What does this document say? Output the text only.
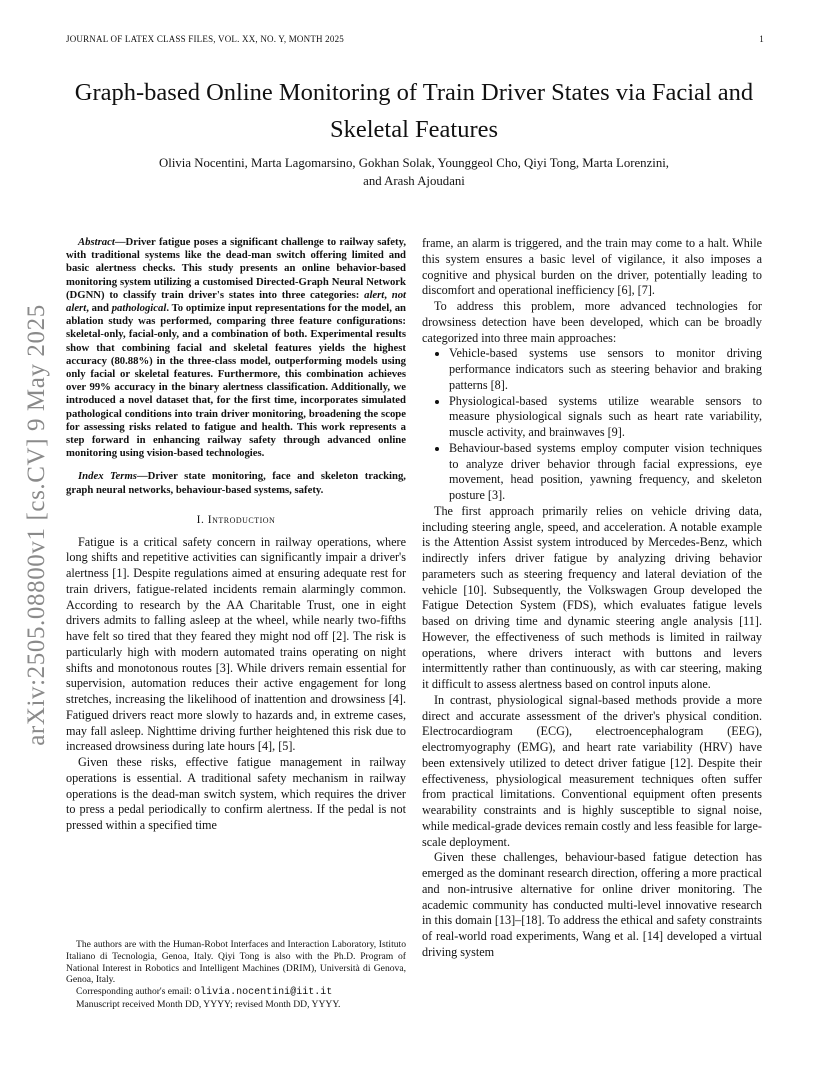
JOURNAL OF LATEX CLASS FILES, VOL. XX, NO. Y, MONTH 2025	1
arXiv:2505.08800v1 [cs.CV] 9 May 2025
Graph-based Online Monitoring of Train Driver States via Facial and Skeletal Features
Olivia Nocentini, Marta Lagomarsino, Gokhan Solak, Younggeol Cho, Qiyi Tong, Marta Lorenzini,
and Arash Ajoudani

Abstract—Driver fatigue poses a significant challenge to railway safety, with traditional systems like the dead-man switch offering limited and basic alertness checks. This study presents an online behavior-based monitoring system utilizing a customised Directed-Graph Neural Network (DGNN) to classify train driver's states into three categories: alert, not alert, and pathological. To optimize input representations for the model, an ablation study was performed, comparing three feature configurations: skeletal-only, facial-only, and a combination of both. Experimental results show that combining facial and skeletal features yields the highest accuracy (80.88%) in the three-class model, outperforming models using only facial or skeletal features. Furthermore, this combination achieves over 99% accuracy in the binary alertness classification. Additionally, we introduced a novel dataset that, for the first time, incorporates simulated pathological conditions into train driver monitoring, broadening the scope for assessing risks related to fatigue and health. This work represents a step forward in enhancing railway safety through advanced online monitoring using vision-based technologies.

Index Terms—Driver state monitoring, face and skeleton tracking, graph neural networks, behaviour-based systems, safety.

I. Introduction

Fatigue is a critical safety concern in railway operations, where long shifts and repetitive activities can significantly impair a driver's alertness [1]. Despite regulations aimed at ensuring adequate rest for train drivers, fatigue-related incidents remain alarmingly common. According to research by the AA Charitable Trust, one in eight drivers admits to falling asleep at the wheel, while nearly two-fifths have felt so tired that they feared they might nod off [2]. The risk is particularly high with modern automated trains operating on night shifts and monotonous routes [3]. While drivers remain essential for supervision, automation reduces their active engagement for long stretches, increasing the likelihood of inattention and drowsiness [4]. Fatigued drivers react more slowly to hazards and, in extreme cases, may fall asleep. Nighttime driving further heightened this risk due to increased drowsiness during late hours [4], [5].

Given these risks, effective fatigue management in railway operations is essential. A traditional safety mechanism in railway operations is the dead-man switch system, which requires the driver to press a pedal periodically to confirm alertness. If the pedal is not pressed within a specified time

The authors are with the Human-Robot Interfaces and Interaction Laboratory, Istituto Italiano di Tecnologia, Genoa, Italy. Qiyi Tong is also with the Ph.D. Program of National Interest in Robotics and Intelligent Machines (DRIM), Università di Genova, Genoa, Italy.

Corresponding author's email: olivia.nocentini@iit.it

Manuscript received Month DD, YYYY; revised Month DD, YYYY.

frame, an alarm is triggered, and the train may come to a halt. While this system ensures a basic level of vigilance, it also imposes a cognitive and physical burden on the driver, potentially leading to discomfort and operational inefficiency [6], [7].

To address this problem, more advanced technologies for drowsiness detection have been developed, which can be broadly categorized into three main approaches:

• Vehicle-based systems use sensors to monitor driving performance indicators such as steering behavior and braking patterns [8].
• Physiological-based systems utilize wearable sensors to measure physiological signals such as heart rate variability, muscle activity, and brainwaves [9].
• Behaviour-based systems employ computer vision techniques to analyze driver behavior through facial expressions, eye movement, head position, yawning frequency, and skeleton posture [3].

The first approach primarily relies on vehicle driving data, including steering angle, speed, and acceleration. A notable example is the Attention Assist system introduced by Mercedes-Benz, which indirectly infers driver fatigue by analyzing driving behavior parameters such as steering frequency and lateral deviation of the vehicle [10]. Subsequently, the Volkswagen Group developed the Fatigue Detection System (FDS), which evaluates fatigue levels based on driving time and dynamic steering angle analysis [11]. However, the effectiveness of such methods is limited in railway operations, where drivers interact with buttons and levers intermittently rather than continuously, as with car steering, making it difficult to assess alertness based on control inputs alone.

In contrast, physiological signal-based methods provide a more direct and accurate assessment of the driver's physical condition. Electrocardiogram (ECG), electroencephalogram (EEG), electromyography (EMG), and heart rate variability (HRV) have been extensively utilized to detect driver fatigue [12]. Despite their effectiveness, physiological measurement techniques often suffer from practical limitations. Conventional equipment often presents wearability constraints and is highly susceptible to signal noise, while medical-grade devices remain costly and less feasible for large-scale deployment.

Given these challenges, behaviour-based fatigue detection has emerged as the dominant research direction, offering a more practical and non-intrusive alternative for online driver monitoring. The academic community has conducted multi-level innovative research in this domain [13]–[18]. To address the ethical and safety constraints of real-world road experiments, Wang et al. [14] developed a virtual driving system
